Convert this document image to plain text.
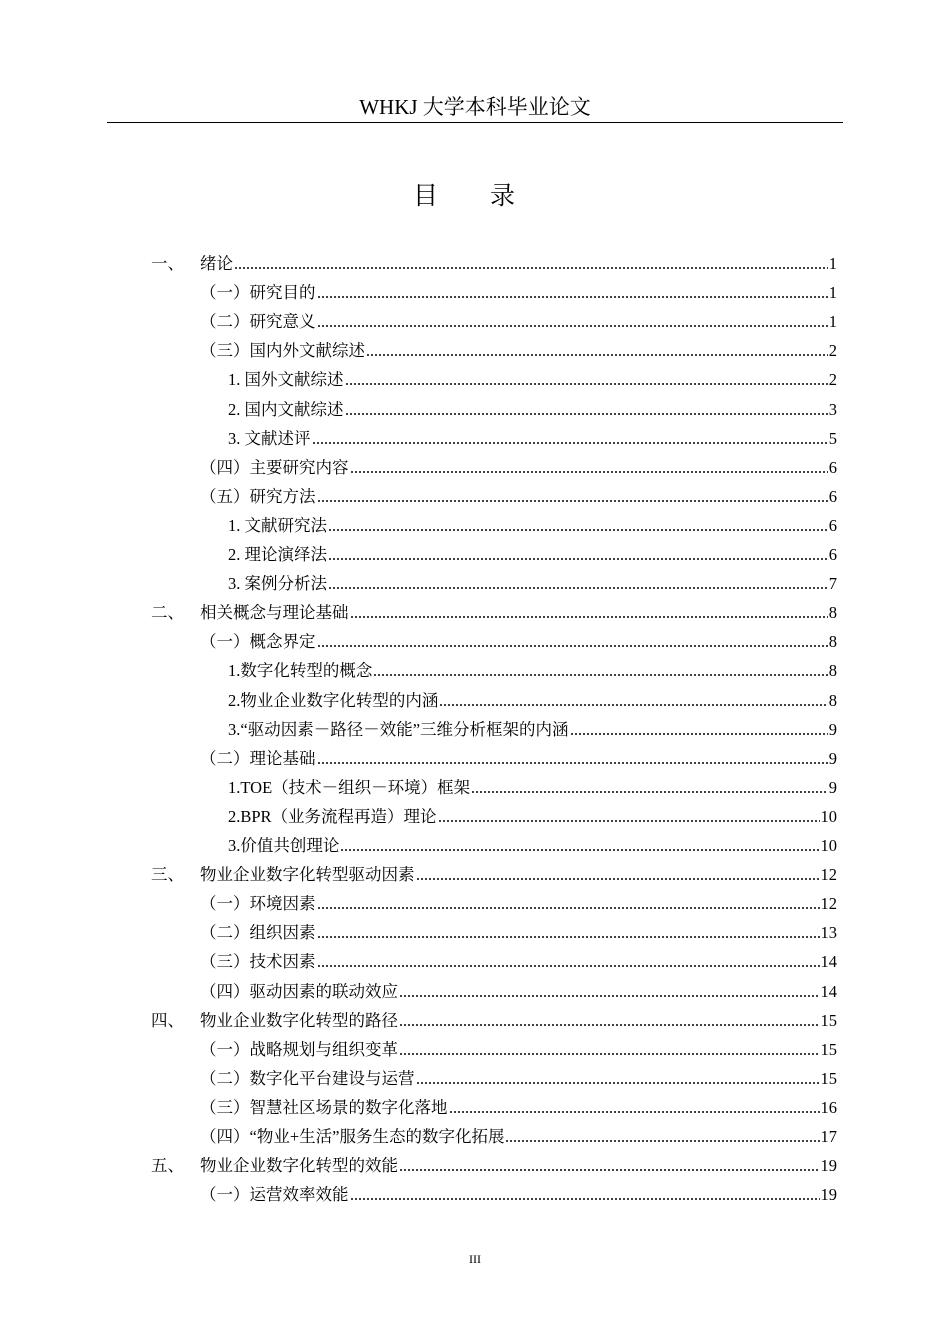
WHKJ 大学本科毕业论文
目 录
一、 绪论	1
（一）研究目的	1
（二）研究意义	1
（三）国内外文献综述	2
1. 国外文献综述	2
2. 国内文献综述	3
3. 文献述评	5
（四）主要研究内容	6
（五）研究方法	6
1. 文献研究法	6
2. 理论演绎法	6
3. 案例分析法	7
二、 相关概念与理论基础	8
（一）概念界定	8
1.数字化转型的概念	8
2.物业企业数字化转型的内涵	8
3.“驱动因素－路径－效能”三维分析框架的内涵	9
（二）理论基础	9
1.TOE（技术－组织－环境）框架	9
2.BPR（业务流程再造）理论	10
3.价值共创理论	10
三、 物业企业数字化转型驱动因素	12
（一）环境因素	12
（二）组织因素	13
（三）技术因素	14
（四）驱动因素的联动效应	14
四、 物业企业数字化转型的路径	15
（一）战略规划与组织变革	15
（二）数字化平台建设与运营	15
（三）智慧社区场景的数字化落地	16
（四）“物业+生活”服务生态的数字化拓展	17
五、 物业企业数字化转型的效能	19
（一）运营效率效能	19
III
